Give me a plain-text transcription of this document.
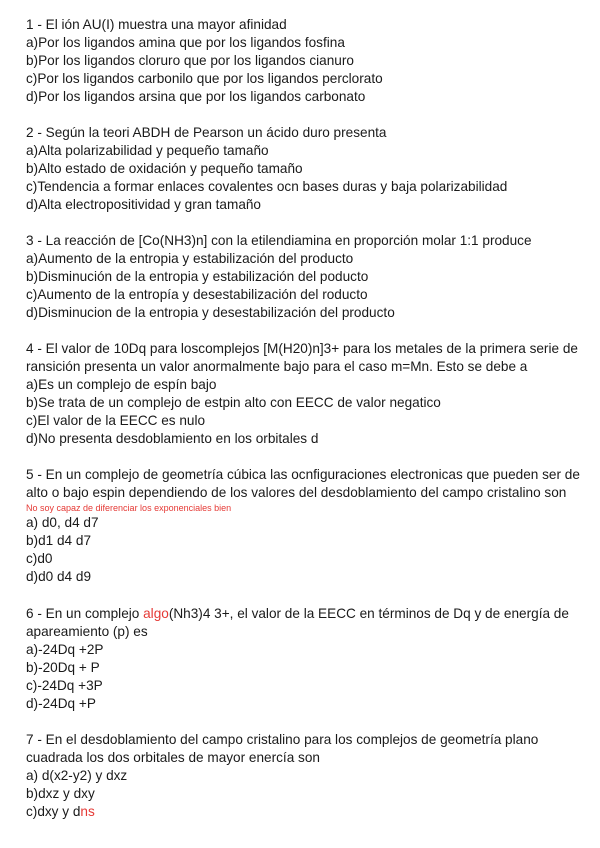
1 - El ión AU(I) muestra una mayor afinidad
a)Por los ligandos amina que por los ligandos fosfina
b)Por los ligandos cloruro que por los ligandos cianuro
c)Por los ligandos carbonilo que por los ligandos perclorato
d)Por los ligandos arsina que por los ligandos carbonato
2 - Según la teori ABDH de Pearson un ácido duro presenta
a)Alta polarizabilidad y pequeño tamaño
b)Alto estado de oxidación y pequeño tamaño
c)Tendencia a formar enlaces covalentes ocn bases duras y baja polarizabilidad
d)Alta electropositividad y gran tamaño
3 - La reacción de [Co(NH3)n] con la etilendiamina en proporción molar 1:1 produce
a)Aumento de la entropia y estabilización del producto
b)Disminución de la entropia y estabilización del poducto
c)Aumento de la entropía y desestabilización del roducto
d)Disminucion de la entropia y desestabilización del producto
4 - El valor de 10Dq para loscomplejos [M(H20)n]3+ para los metales de la primera serie de ransición presenta un valor anormalmente bajo para el caso m=Mn. Esto se debe a
a)Es un complejo de espín bajo
b)Se trata de un complejo de estpin alto con EECC de valor negatico
c)El valor de la EECC es nulo
d)No presenta desdoblamiento en los orbitales d
5 - En un complejo de geometría cúbica las ocnfiguraciones electronicas que pueden ser de alto o bajo espin dependiendo de los valores del desdoblamiento del campo cristalino son
No soy capaz de diferenciar los exponenciales bien
a) d0, d4 d7
b)d1 d4 d7
c)d0
d)d0 d4 d9
6 - En un complejo algo(Nh3)4 3+, el valor de la EECC en términos de Dq y de energía de apareamiento (p) es
a)-24Dq +2P
b)-20Dq + P
c)-24Dq +3P
d)-24Dq +P
7 - En el desdoblamiento del campo cristalino para los complejos de geometría plano cuadrada los dos orbitales de mayor enercía son
a) d(x2-y2) y dxz
b)dxz y dxy
c)dxy y dns
